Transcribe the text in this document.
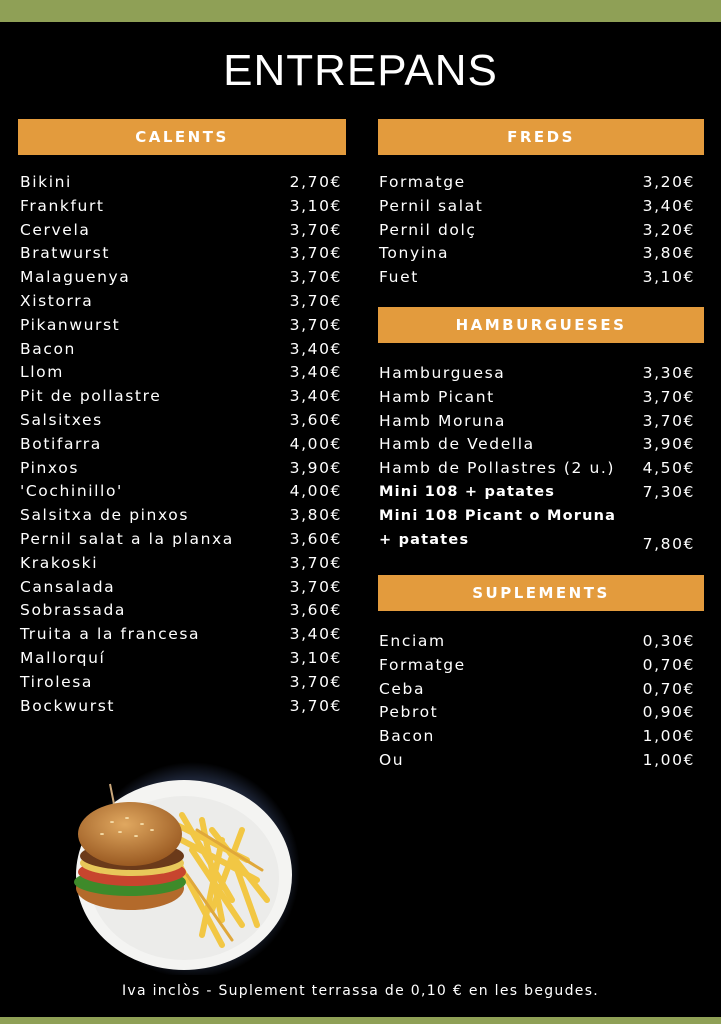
ENTREPANS
CALENTS
Bikini	2,70€
Frankfurt	3,10€
Cervela	3,70€
Bratwurst	3,70€
Malaguenya	3,70€
Xistorra	3,70€
Pikanwurst	3,70€
Bacon	3,40€
Llom	3,40€
Pit de pollastre	3,40€
Salsitxes	3,60€
Botifarra	4,00€
Pinxos	3,90€
'Cochinillo'	4,00€
Salsitxa de pinxos	3,80€
Pernil salat a la planxa	3,60€
Krakoski	3,70€
Cansalada	3,70€
Sobrassada	3,60€
Truita a la francesa	3,40€
Mallorquí	3,10€
Tirolesa	3,70€
Bockwurst	3,70€
FREDS
Formatge	3,20€
Pernil salat	3,40€
Pernil dolç	3,20€
Tonyina	3,80€
Fuet	3,10€
HAMBURGUESES
Hamburguesa	3,30€
Hamb Picant	3,70€
Hamb Moruna	3,70€
Hamb de Vedella	3,90€
Hamb de Pollastres (2 u.) 4,50€
Mini 108 + patates	7,30€
Mini 108 Picant o Moruna
+ patates	7,80€
SUPLEMENTS
Enciam	0,30€
Formatge	0,70€
Ceba	0,70€
Pebrot	0,90€
Bacon	1,00€
Ou	1,00€
Iva inclòs - Suplement terrassa de 0,10 € en les begudes.
